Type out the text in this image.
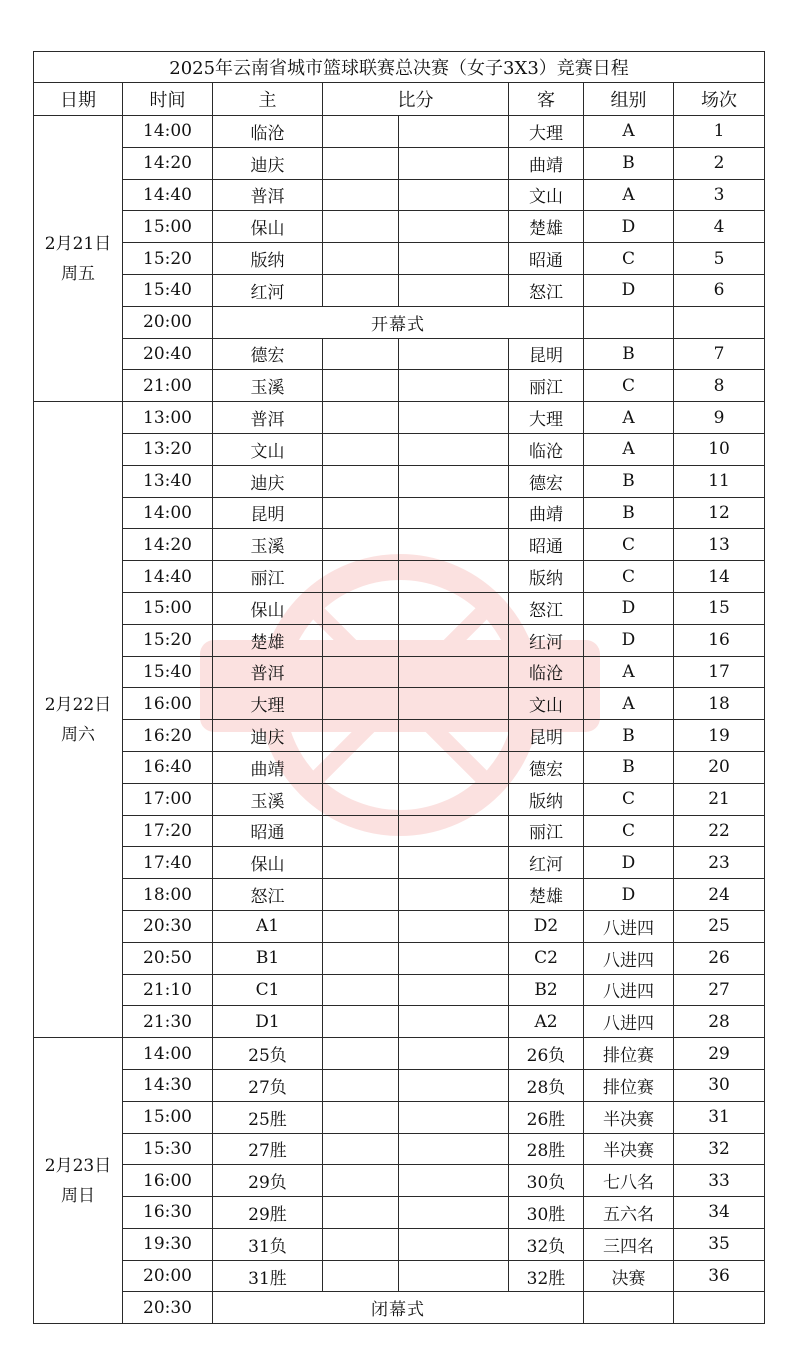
2025年云南省城市篮球联赛总决赛（女子3X3）竞赛日程							
日期	时间	主	比分		客	组别	场次
2月21日
周五	14:00	临沧			大理	A	1
	14:20	迪庆			曲靖	B	2
	14:40	普洱			文山	A	3
	15:00	保山			楚雄	D	4
	15:20	版纳			昭通	C	5
	15:40	红河			怒江	D	6
	20:00	开幕式					
	20:40	德宏			昆明	B	7
	21:00	玉溪			丽江	C	8
2月22日
周六	13:00	普洱			大理	A	9
	13:20	文山			临沧	A	10
	13:40	迪庆			德宏	B	11
	14:00	昆明			曲靖	B	12
	14:20	玉溪			昭通	C	13
	14:40	丽江			版纳	C	14
	15:00	保山			怒江	D	15
	15:20	楚雄			红河	D	16
	15:40	普洱			临沧	A	17
	16:00	大理			文山	A	18
	16:20	迪庆			昆明	B	19
	16:40	曲靖			德宏	B	20
	17:00	玉溪			版纳	C	21
	17:20	昭通			丽江	C	22
	17:40	保山			红河	D	23
	18:00	怒江			楚雄	D	24
	20:30	A1			D2	八进四	25
	20:50	B1			C2	八进四	26
	21:10	C1			B2	八进四	27
	21:30	D1			A2	八进四	28
2月23日
周日	14:00	25负			26负	排位赛	29
	14:30	27负			28负	排位赛	30
	15:00	25胜			26胜	半决赛	31
	15:30	27胜			28胜	半决赛	32
	16:00	29负			30负	七八名	33
	16:30	29胜			30胜	五六名	34
	19:30	31负			32负	三四名	35
	20:00	31胜			32胜	决赛	36
	20:30	闭幕式					
